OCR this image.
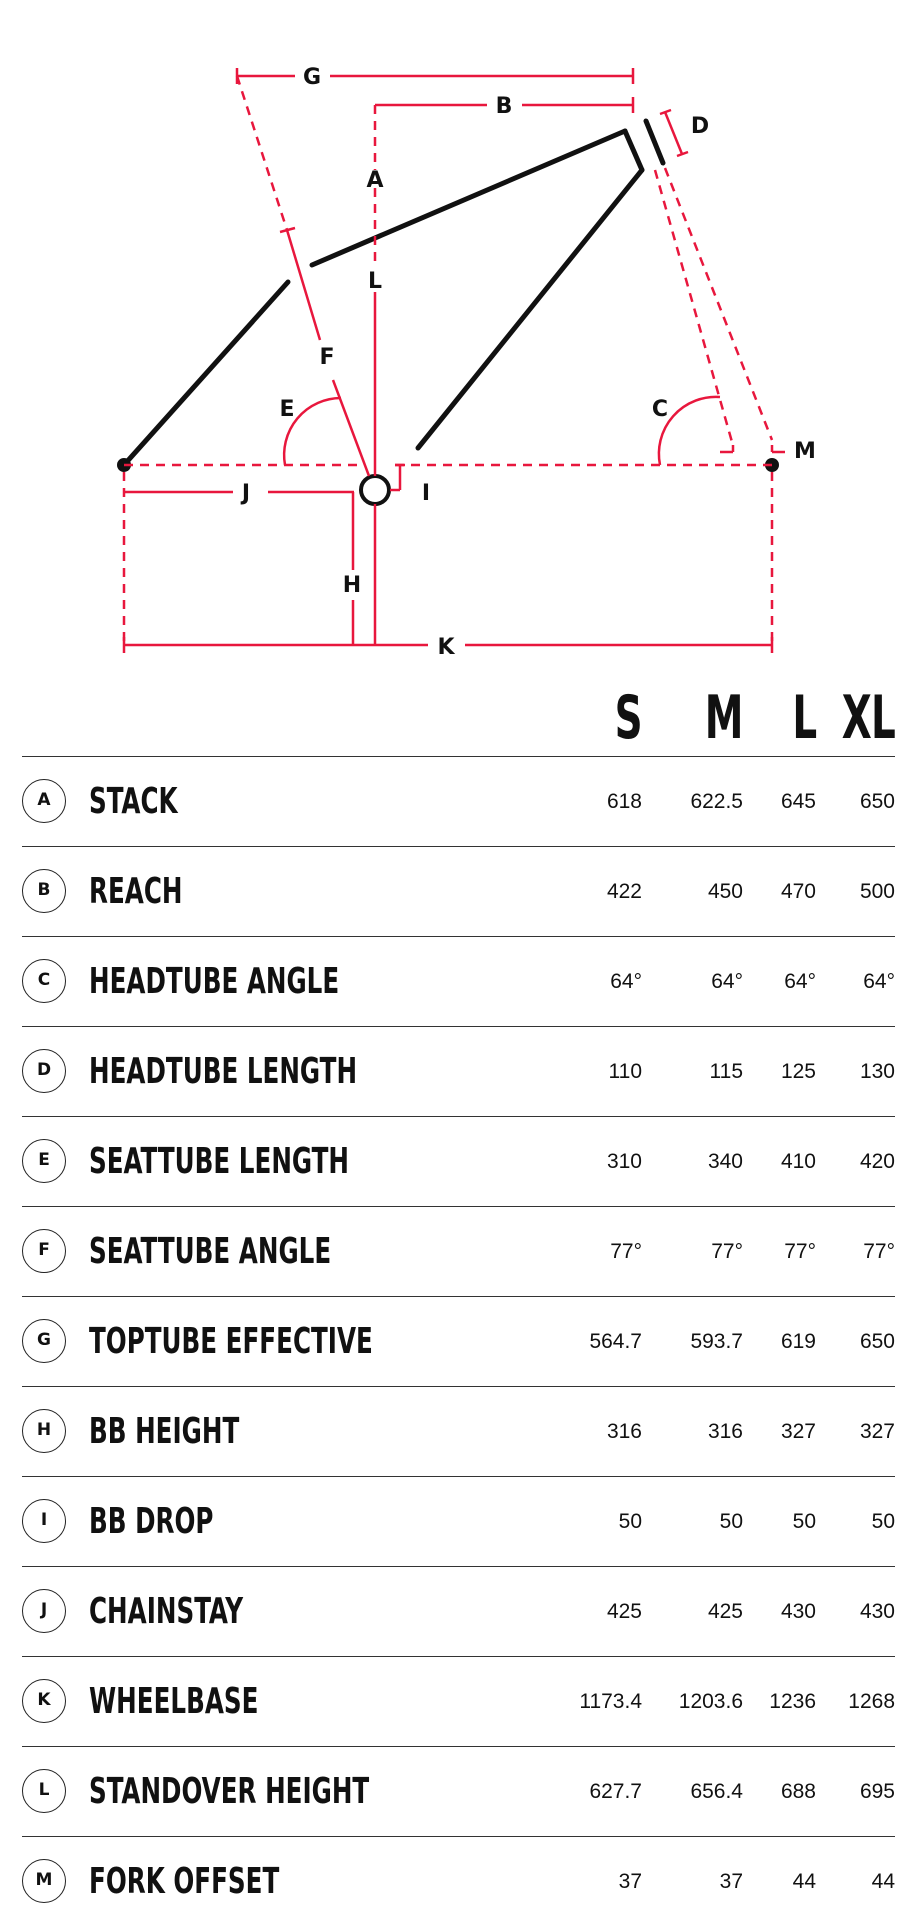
G
B
D
A
L
F
E	C
M
J	I
H
K
S M L XL
A	STACK	618	622.5	645	650
B	REACH	422	450	470	500
C	HEADTUBE ANGLE	64°	64°	64°	64°
D	HEADTUBE LENGTH	110	115	125	130
E	SEATTUBE LENGTH	310	340	410	420
F	SEATTUBE ANGLE	77°	77°	77°	77°
G	TOPTUBE EFFECTIVE	564.7	593.7	619	650
H	BB HEIGHT	316	316	327	327
I	BB DROP	50	50	50	50
J	CHAINSTAY	425	425	430	430
K	WHEELBASE	1173.4	1203.6	1236	1268
L	STANDOVER HEIGHT	627.7	656.4	688	695
M	FORK OFFSET	37	37	44	44
